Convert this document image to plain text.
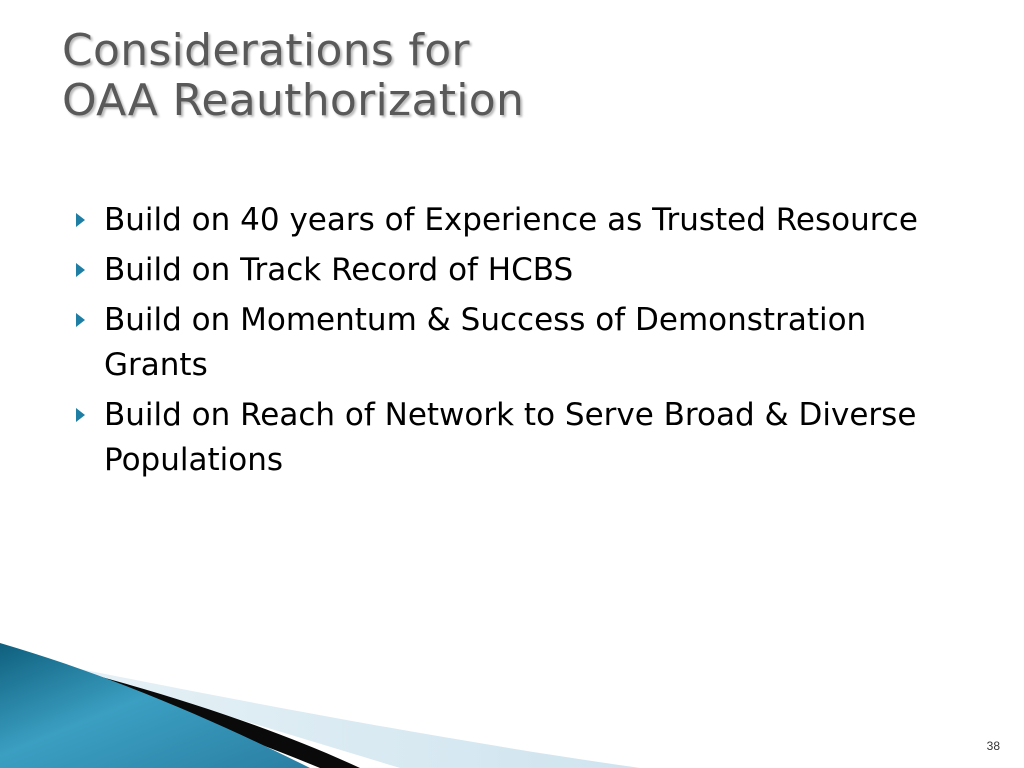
Considerations for
OAA Reauthorization
Build on 40 years of Experience as Trusted Resource
Build on Track Record of HCBS
Build on Momentum & Success of Demonstration Grants
Build on Reach of Network to Serve Broad & Diverse Populations
38
